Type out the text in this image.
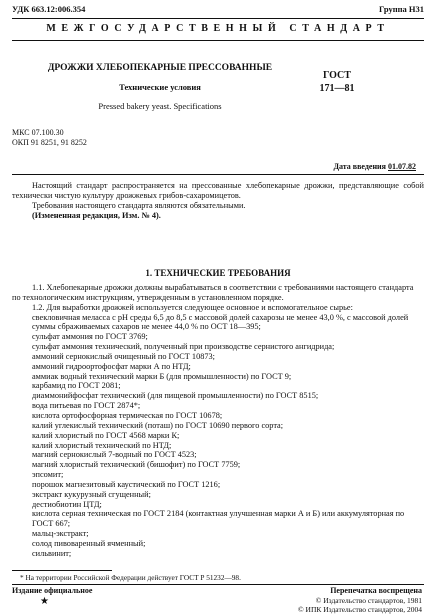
УДК 663.12:006.354	Группа Н31
МЕЖГОСУДАРСТВЕННЫЙ СТАНДАРТ
ДРОЖЖИ ХЛЕБОПЕКАРНЫЕ ПРЕССОВАННЫЕ
Технические условия
Pressed bakery yeast. Specifications
ГОСТ
171—81
МКС 07.100.30
ОКП 91 8251, 91 8252
Дата введения 01.07.82

Настоящий стандарт распространяется на прессованные хлебопекарные дрожжи, представляющие собой технически чистую культуру дрожжевых грибов-сахаромицетов.

Требования настоящего стандарта являются обязательными.

(Измененная редакция, Изм. № 4).

1. ТЕХНИЧЕСКИЕ ТРЕБОВАНИЯ

1.1. Хлебопекарные дрожжи должны вырабатываться в соответствии с требованиями настоящего стандарта по технологическим инструкциям, утвержденным в установленном порядке.

1.2. Для выработки дрожжей используется следующее основное и вспомогательное сырье:

свекловичная меласса с pH среды 6,5 до 8,5 с массовой долей сахарозы не менее 43,0 %, с массовой долей суммы сбраживаемых сахаров не менее 44,0 % по ОСТ 18—395;
сульфат аммония по ГОСТ 3769;
сульфат аммония технический, полученный при производстве сернистого ангидрида;
аммоний сернокислый очищенный по ГОСТ 10873;
аммоний гидроортофосфат марки А по НТД;
аммиак водный технический марки Б (для промышленности) по ГОСТ 9;
карбамид по ГОСТ 2081;
диаммонийфосфат технический (для пищевой промышленности) по ГОСТ 8515;
вода питьевая по ГОСТ 2874*;
кислота ортофосфорная термическая по ГОСТ 10678;
калий углекислый технический (поташ) по ГОСТ 10690 первого сорта;
калий хлористый по ГОСТ 4568 марки К;
калий хлористый технический по НТД;
магний сернокислый 7-водный по ГОСТ 4523;
магний хлористый технический (бишофит) по ГОСТ 7759;
эпсомит;
порошок магнезитовый каустический по ГОСТ 1216;
экстракт кукурузный сгущенный;
дестиобиотин ЦТД;
кислота серная техническая по ГОСТ 2184 (контактная улучшенная марки А и Б) или аккумуляторная по ГОСТ 667;
мальц-экстракт;
солод пивоваренный ячменный;
сильвинит;
* На территории Российской Федерации действует ГОСТ Р 51232—98.
Издание официальное
★
Перепечатка воспрещена
© Издательство стандартов, 1981
© ИПК Издательство стандартов, 2004
